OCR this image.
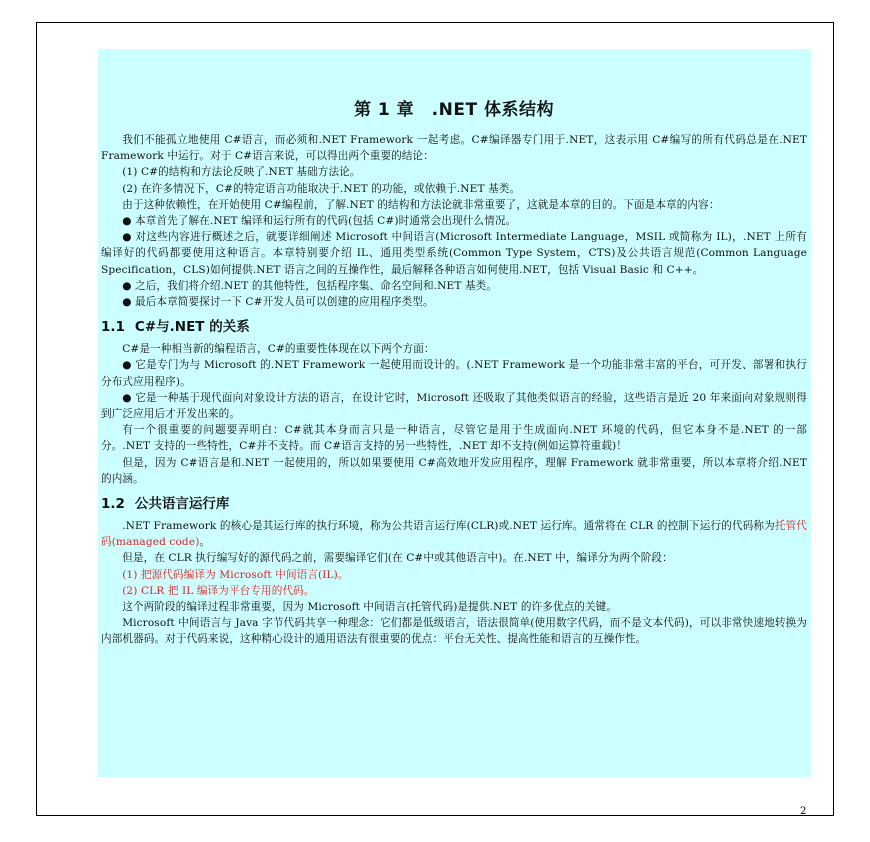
第 1 章　.NET 体系结构

我们不能孤立地使用 C#语言，而必须和.NET Framework 一起考虑。C#编译器专门用于.NET，这表示用 C#编写的所有代码总是在.NET Framework 中运行。对于 C#语言来说，可以得出两个重要的结论：

(1) C#的结构和方法论反映了.NET 基础方法论。

(2) 在许多情况下，C#的特定语言功能取决于.NET 的功能，或依赖于.NET 基类。

由于这种依赖性，在开始使用 C#编程前，了解.NET 的结构和方法论就非常重要了，这就是本章的目的。下面是本章的内容：

● 本章首先了解在.NET 编译和运行所有的代码(包括 C#)时通常会出现什么情况。

● 对这些内容进行概述之后，就要详细阐述 Microsoft 中间语言(Microsoft Intermediate Language，MSIL 或简称为 IL)，.NET 上所有编译好的代码都要使用这种语言。本章特别要介绍 IL、通用类型系统(Common Type System，CTS)及公共语言规范(Common Language Specification，CLS)如何提供.NET 语言之间的互操作性，最后解释各种语言如何使用.NET，包括 Visual Basic 和 C++。

● 之后，我们将介绍.NET 的其他特性，包括程序集、命名空间和.NET 基类。

● 最后本章简要探讨一下 C#开发人员可以创建的应用程序类型。

1.1 C#与.NET 的关系

C#是一种相当新的编程语言，C#的重要性体现在以下两个方面：

● 它是专门为与 Microsoft 的.NET Framework 一起使用而设计的。(.NET Framework 是一个功能非常丰富的平台，可开发、部署和执行分布式应用程序)。

● 它是一种基于现代面向对象设计方法的语言，在设计它时，Microsoft 还吸取了其他类似语言的经验，这些语言是近 20 年来面向对象规则得到广泛应用后才开发出来的。

有一个很重要的问题要弄明白：C#就其本身而言只是一种语言，尽管它是用于生成面向.NET 环境的代码，但它本身不是.NET 的一部分。.NET 支持的一些特性，C#并不支持。而 C#语言支持的另一些特性，.NET 却不支持(例如运算符重载)！

但是，因为 C#语言是和.NET 一起使用的，所以如果要使用 C#高效地开发应用程序，理解 Framework 就非常重要，所以本章将介绍.NET 的内涵。

1.2 公共语言运行库

.NET Framework 的核心是其运行库的执行环境，称为公共语言运行库(CLR)或.NET 运行库。通常将在 CLR 的控制下运行的代码称为托管代码(managed code)。

但是，在 CLR 执行编写好的源代码之前，需要编译它们(在 C#中或其他语言中)。在.NET 中，编译分为两个阶段：

(1) 把源代码编译为 Microsoft 中间语言(IL)。

(2) CLR 把 IL 编译为平台专用的代码。

这个两阶段的编译过程非常重要，因为 Microsoft 中间语言(托管代码)是提供.NET 的许多优点的关键。

Microsoft 中间语言与 Java 字节代码共享一种理念：它们都是低级语言，语法很简单(使用数字代码，而不是文本代码)，可以非常快速地转换为内部机器码。对于代码来说，这种精心设计的通用语法有很重要的优点：平台无关性、提高性能和语言的互操作性。

2
